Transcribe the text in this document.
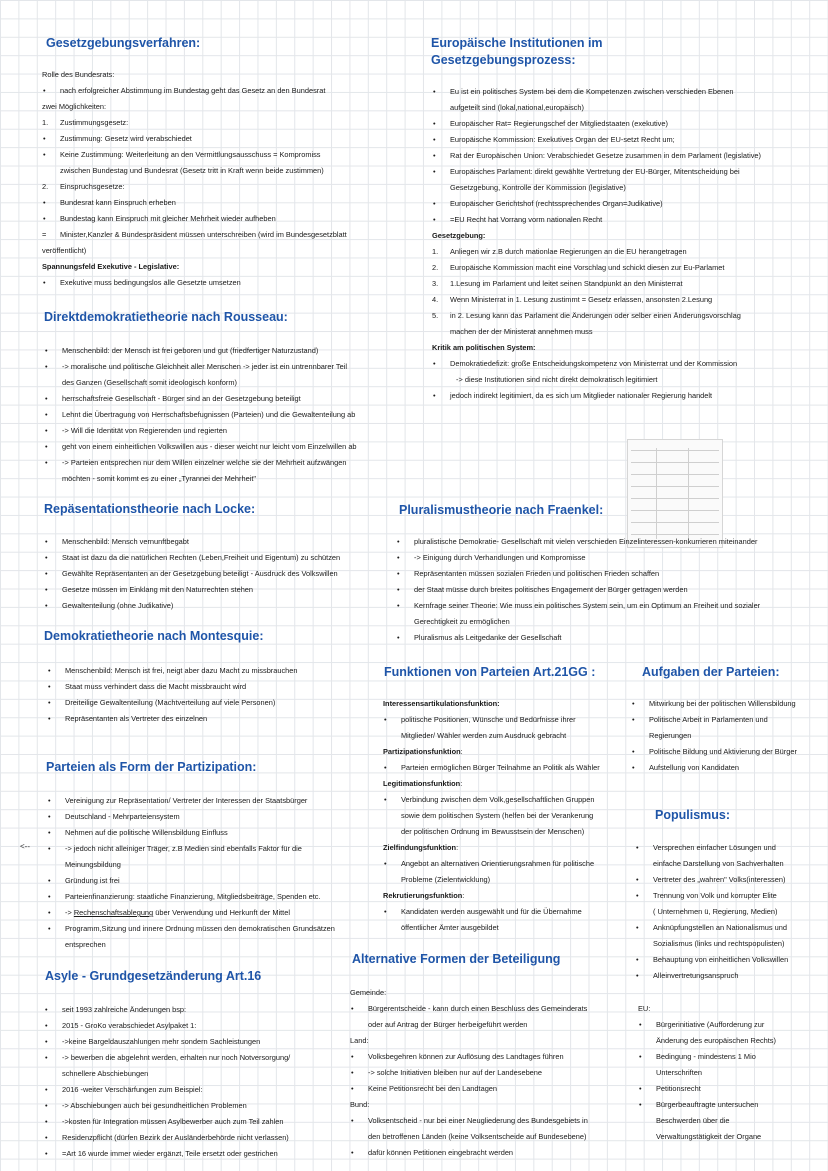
Gesetzgebungsverfahren:
Rolle des Bundesrats:
• nach erfolgreicher Abstimmung im Bundestag geht das Gesetz an den Bundesrat
zwei Möglichkeiten:
1. Zustimmungsgesetz:
• Zustimmung: Gesetz wird verabschiedet
• Keine Zustimmung: Weiterleitung an den Vermittlungsausschuss = Kompromiss
zwischen Bundestag und Bundesrat (Gesetz tritt in Kraft wenn beide zustimmen)
2. Einspruchsgesetze:
• Bundesrat kann Einspruch erheben
• Bundestag kann Einspruch mit gleicher Mehrheit wieder aufheben
= Minister,Kanzler & Bundespräsident müssen unterschreiben (wird im Bundesgesetzblatt
veröffentlicht)
Spannungsfeld Exekutive - Legislative:
• Exekutive muss bedingungslos alle Gesetzte umsetzen
Direktdemokratietheorie nach Rousseau:
• Menschenbild: der Mensch ist frei geboren und gut (friedfertiger Naturzustand)
• -> moralische und politische Gleichheit aller Menschen -> jeder ist ein untrennbarer Teil
des Ganzen (Gesellschaft somit ideologisch konform)
• herrschaftsfreie Gesellschaft - Bürger sind an der Gesetzgebung beteiligt
• Lehnt die Übertragung von Herrschaftsbefugnissen (Parteien) und die Gewaltenteilung ab
• -> Will die Identität von Regierenden und regierten
• geht von einem einheitlichen Volkswillen aus - dieser weicht nur leicht vom Einzelwillen ab
• -> Parteien entsprechen nur dem Willen einzelner welche sie der Mehrheit aufzwängen
möchten - somit kommt es zu einer „Tyrannei der Mehrheit"
Repäsentationstheorie nach Locke:
• Menschenbild: Mensch vernunftbegabt
• Staat ist dazu da die natürlichen Rechten (Leben,Freiheit und Eigentum) zu schützen
• Gewählte Repräsentanten an der Gesetzgebung beteiligt - Ausdruck des Volkswillen
• Gesetze müssen im Einklang mit den Naturrechten stehen
• Gewaltenteilung (ohne Judikative)
Demokratietheorie nach Montesquie:
• Menschenbild: Mensch ist frei, neigt aber dazu Macht zu missbrauchen
• Staat muss verhindert dass die Macht missbraucht wird
• Dreiteilige Gewaltenteilung (Machtverteilung auf viele Personen)
• Repräsentanten als Vertreter des einzelnen
Parteien als Form der Partizipation:
• Vereinigung zur Repräsentation/ Vertreter der Interessen der Staatsbürger
• Deutschland - Mehrparteiensystem
• Nehmen auf die politische Willensbildung Einfluss
• -> jedoch nicht alleiniger Träger, z.B Medien sind ebenfalls Faktor für die
Meinungsbildung
• Gründung ist frei
• Parteienfinanzierung: staatliche Finanzierung, Mitgliedsbeiträge, Spenden etc.
• -> Rechenschaftsablegung über Verwendung und Herkunft der Mittel
• Programm,Sitzung und innere Ordnung müssen den demokratischen Grundsätzen
entsprechen
Asyle - Grundgesetzänderung Art.16
<--
• seit 1993 zahlreiche Änderungen bsp:
• 2015 - GroKo verabschiedet Asylpaket 1:
• ->keine Bargeldauszahlungen mehr sondern Sachleistungen
• -> bewerben die abgelehnt werden, erhalten nur noch Notversorgung/
schnellere Abschiebungen
• 2016 -weiter Verschärfungen zum Beispiel:
• -> Abschiebungen auch bei gesundheitlichen Problemen
• ->kosten für Integration müssen Asylbewerber auch zum Teil zahlen
• Residenzpflicht (dürfen Bezirk der Ausländerbehörde nicht verlassen)
• =Art 16 wurde immer wieder ergänzt, Teile ersetzt oder gestrichen
Europäische Institutionen im
Gesetzgebungsprozess:
• Eu ist ein politisches System bei dem die Kompetenzen zwischen verschieden Ebenen
aufgeteilt sind (lokal,national,europäisch)
• Europäischer Rat= Regierungschef der Mitgliedstaaten (exekutive)
• Europäische Kommission: Exekutives Organ der EU-setzt Recht um;
• Rat der Europäischen Union: Verabschiedet Gesetze zusammen in dem Parlament (legislative)
• Europäisches Parlament: direkt gewählte Vertretung der EU-Bürger, Mitentscheidung bei
Gesetzgebung, Kontrolle der Kommission (legislative)
• Europäischer Gerichtshof (rechtssprechendes Organ=Judikative)
• =EU Recht hat Vorrang vorm nationalen Recht
Gesetzgebung:
1. Anliegen wir z.B durch mationlae Regierungen an die EU herangetragen
2. Europäische Kommission macht eine Vorschlag und schickt diesen zur Eu-Parlamet
3. 1.Lesung im Parlament und leitet seinen Standpunkt an den Ministerrat
4. Wenn Ministerrat in 1. Lesung zustimmt = Gesetz erlassen, ansonsten 2.Lesung
5. in 2. Lesung kann das Parlament die Änderungen oder selber einen Änderungsvorschlag
machen der der Ministerat annehmen muss
Kritik am politischen System:
• Demokratiedefizit: große Entscheidungskompetenz von Ministerrat und der Kommission
-> diese Institutionen sind nicht direkt demokratisch legitimiert
• jedoch indirekt legitimiert, da es sich um Mitglieder nationaler Regierung handelt
Pluralismustheorie nach Fraenkel:
• pluralistische Demokratie- Gesellschaft mit vielen verschieden Einzelinteressen-konkurrieren miteinander
• -> Einigung durch Verhandlungen und Kompromisse
• Repräsentanten müssen sozialen Frieden und politischen Frieden schaffen
• der Staat müsse durch breites politisches Engagement der Bürger getragen werden
• Kernfrage seiner Theorie: Wie muss ein politisches System sein, um ein Optimum an Freiheit und sozialer
Gerechtigkeit zu ermöglichen
• Pluralismus als Leitgedanke der Gesellschaft
Funktionen von Parteien Art.21GG :
Interessensartikulationsfunktion:
• politische Positionen, Wünsche und Bedürfnisse ihrer
Mitglieder/ Wähler werden zum Ausdruck gebracht
Partizipationsfunktion:
• Parteien ermöglichen Bürger Teilnahme an Politik als Wähler
Legitimationsfunktion:
• Verbindung zwischen dem Volk,gesellschaftlichen Gruppen
sowie dem politischen System (helfen bei der Verankerung
der politischen Ordnung im Bewusstsein der Menschen)
Zielfindungsfunktion:
• Angebot an alternativen Orientierungsrahmen für politische
Probleme (Zielentwicklung)
Rekrutierungsfunktion:
• Kandidaten werden ausgewählt und für die Übernahme
öffentlicher Ämter ausgebildet
Aufgaben der Parteien:
• Mitwirkung bei der politischen Willensbildung
• Politische Arbeit in Parlamenten und
Regierungen
• Politische Bildung und Aktivierung der Bürger
• Aufstellung von Kandidaten
Populismus:
• Versprechen einfacher Lösungen und
einfache Darstellung von Sachverhalten
• Vertreter des „wahren" Volks(interessen)
• Trennung von Volk und korrupter Elite
( Unternehmen ü, Regierung, Medien)
• Anknüpfungstellen an Nationalismus und
Sozialismus (links und rechtspopulisten)
• Behauptung von einheitlichen Volkswillen
• Alleinvertretungsanspruch
Alternative Formen der Beteiligung
Gemeinde:
• Bürgerentscheide - kann durch einen Beschluss des Gemeinderats
oder auf Antrag der Bürger herbeigeführt werden
Land:
• Volksbegehren können zur Auflösung des Landtages führen
• -> solche Initiativen bleiben nur auf der Landesebene
• Keine Petitionsrecht bei den Landtagen
Bund:
• Volksentscheid - nur bei einer Neugliederung des Bundesgebiets in
den betroffenen Länden (keine Volksentscheide auf Bundesebene)
• dafür können Petitionen eingebracht werden
EU:
• Bürgerinitiative (Aufforderung zur
Änderung des europäischen Rechts)
• Bedingung - mindestens 1 Mio
Unterschriften
• Petitionsrecht
• Bürgerbeauftragte untersuchen
Beschwerden über die
Verwaltungstätigkeit der Organe
